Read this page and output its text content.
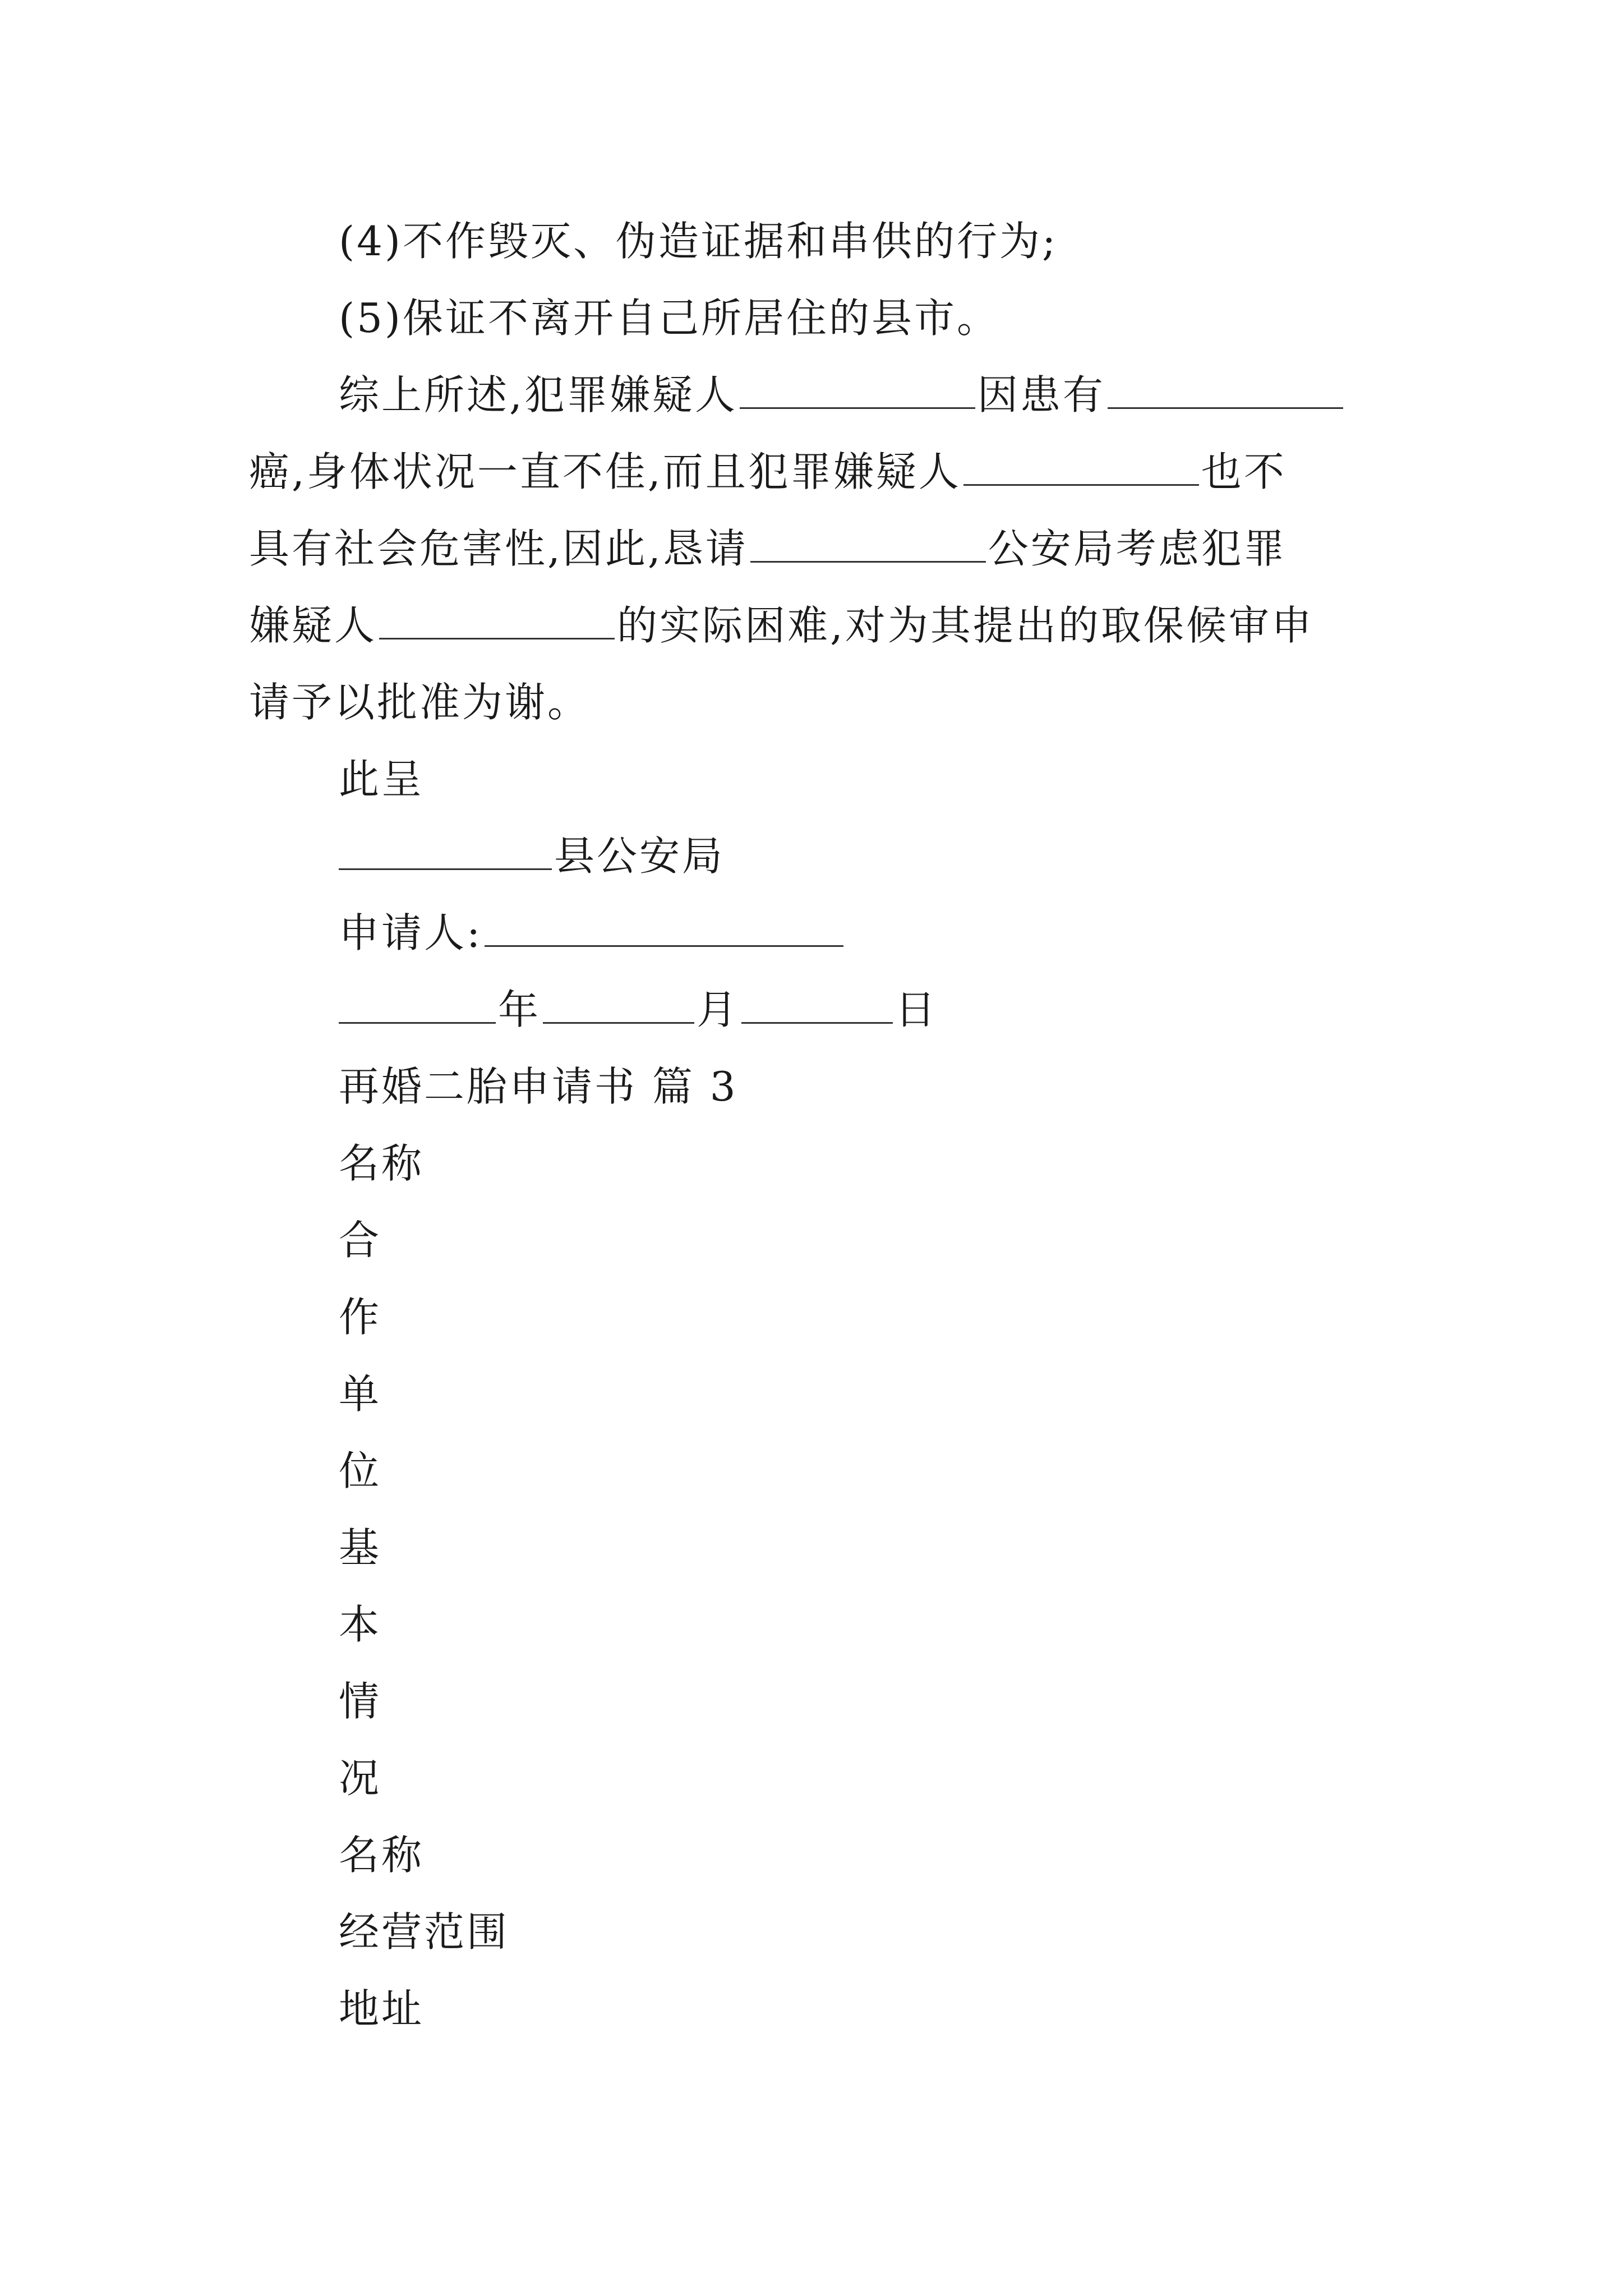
(4)不作毁灭、伪造证据和串供的行为;
(5)保证不离开自己所居住的县市。
综上所述,犯罪嫌疑人	因患有
癌,身体状况一直不佳,而且犯罪嫌疑人	也不
具有社会危害性,因此,恳请	公安局考虑犯罪
嫌疑人	的实际困难,对为其提出的取保候审申
请予以批准为谢。
此呈
县公安局
申请人:
年	月	日
再婚二胎申请书 篇 3
名称
合
作
单
位
基
本
情
况
名称
经营范围
地址
